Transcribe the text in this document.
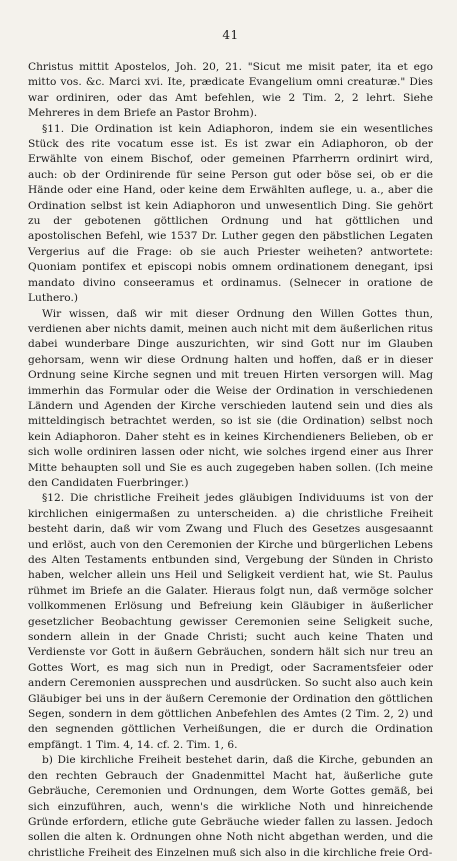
41

Christus mittit Apostelos, Joh. 20, 21. "Sicut me misit pater, ita et ego mitto vos. &c. Marci xvi. Ite, prædicate Evangelium omni creaturæ." Dies war ordiniren, oder das Amt befehlen, wie 2 Tim. 2, 2 lehrt. Siehe Mehreres in dem Briefe an Pastor Brohm).

§11. Die Ordination ist kein Adiaphoron, indem sie ein wesentliches Stück des rite vocatum esse ist. Es ist zwar ein Adiaphoron, ob der Erwählte von einem Bischof, oder gemeinen Pfarrherrn ordinirt wird, auch: ob der Ordinirende für seine Person gut oder böse sei, ob er die Hände oder eine Hand, oder keine dem Erwählten auflege, u. a., aber die Ordination selbst ist kein Adiaphoron und unwesentlich Ding. Sie gehört zu der gebotenen göttlichen Ordnung und hat göttlichen und apostolischen Befehl, wie 1537 Dr. Luther gegen den päbstlichen Legaten Vergerius auf die Frage: ob sie auch Priester weiheten? antwortete: Quoniam pontifex et episcopi nobis omnem ordinationem denegant, ipsi mandato divino conseeramus et ordinamus. (Selnecer in oratione de Luthero.)

Wir wissen, daß wir mit dieser Ordnung den Willen Gottes thun, verdienen aber nichts damit, meinen auch nicht mit dem äußerlichen ritus dabei wunderbare Dinge auszurichten, wir sind Gott nur im Glauben gehorsam, wenn wir diese Ordnung halten und hoffen, daß er in dieser Ordnung seine Kirche segnen und mit treuen Hirten versorgen will. Mag immerhin das Formular oder die Weise der Ordination in verschiedenen Ländern und Agenden der Kirche verschieden lautend sein und dies als mitteldingisch betrachtet werden, so ist sie (die Ordination) selbst noch kein Adiaphoron. Daher steht es in keines Kirchendieners Belieben, ob er sich wolle ordiniren lassen oder nicht, wie solches irgend einer aus Ihrer Mitte behaupten soll und Sie es auch zugegeben haben sollen. (Ich meine den Candidaten Fuerbringer.)

§12. Die christliche Freiheit jedes gläubigen Individuums ist von der kirchlichen einigermaßen zu unterscheiden. a) die christliche Freiheit besteht darin, daß wir vom Zwang und Fluch des Gesetzes ausgesaannt und erlöst, auch von den Ceremonien der Kirche und bürgerlichen Lebens des Alten Testaments entbunden sind, Vergebung der Sünden in Christo haben, welcher allein uns Heil und Seligkeit verdient hat, wie St. Paulus rühmet im Briefe an die Galater. Hieraus folgt nun, daß vermöge solcher vollkommenen Erlösung und Befreiung kein Gläubiger in äußerlicher gesetzlicher Beobachtung gewisser Ceremonien seine Seligkeit suche, sondern allein in der Gnade Christi; sucht auch keine Thaten und Verdienste vor Gott in äußern Gebräuchen, sondern hält sich nur treu an Gottes Wort, es mag sich nun in Predigt, oder Sacramentsfeier oder andern Ceremonien aussprechen und ausdrücken. So sucht also auch kein Gläubiger bei uns in der äußern Ceremonie der Ordination den göttlichen Segen, sondern in dem göttlichen Anbefehlen des Amtes (2 Tim. 2, 2) und den segnenden göttlichen Verheißungen, die er durch die Ordination empfängt. 1 Tim. 4, 14. cf. 2. Tim. 1, 6.

b) Die kirchliche Freiheit bestehet darin, daß die Kirche, gebunden an den rechten Gebrauch der Gnadenmittel Macht hat, äußerliche gute Gebräuche, Ceremonien und Ordnungen, dem Worte Gottes gemäß, bei sich einzuführen, auch, wenn's die wirkliche Noth und hinreichende Gründe erfordern, etliche gute Gebräuche wieder fallen zu lassen. Jedoch sollen die alten k. Ordnungen ohne Noth nicht abgethan werden, und die christliche Freiheit des Einzelnen muß sich also in die kirchliche freie Ord-
